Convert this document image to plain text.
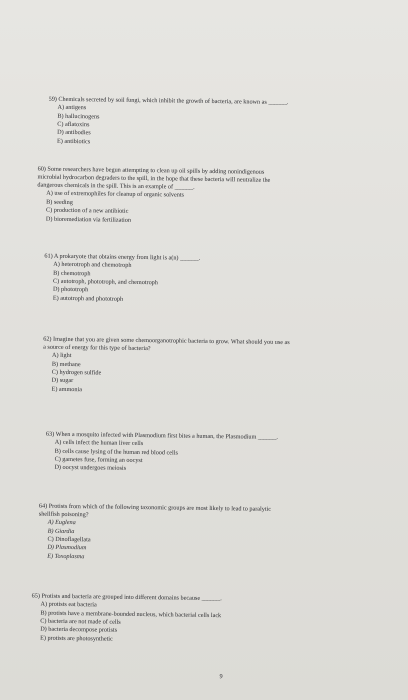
59) Chemicals secreted by soil fungi, which inhibit the growth of bacteria, are known as ______.

A) antigens

B) hallucinogens

C) aflatoxins

D) antibodies

E) antibiotics

60) Some researchers have begun attempting to clean up oil spills by adding nonindigenous

microbial hydrocarbon degraders to the spill, in the hope that these bacteria will neutralize the

dangerous chemicals in the spill. This is an example of ______.

A) use of extremophiles for cleanup of organic solvents

B) seeding

C) production of a new antibiotic

D) bioremediation via fertilization

61) A prokaryote that obtains energy from light is a(n) ______.

A) heterotroph and chemotroph

B) chemotroph

C) autotroph, phototroph, and chemotroph

D) phototroph

E) autotroph and phototroph

62) Imagine that you are given some chemoorganotrophic bacteria to grow. What should you use as

a source of energy for this type of bacteria?

A) light

B) methane

C) hydrogen sulfide

D) sugar

E) ammonia

63) When a mosquito infected with Plasmodium first bites a human, the Plasmodium ______.

A) cells infect the human liver cells

B) cells cause lysing of the human red blood cells

C) gametes fuse, forming an oocyst

D) oocyst undergoes meiosis

64) Protists from which of the following taxonomic groups are most likely to lead to paralytic

shellfish poisoning?

A) Euglena

B) Giardia

C) Dinoflagellata

D) Plasmodium

E) Toxoplasma

65) Protists and bacteria are grouped into different domains because ______.

A) protists eat bacteria

B) protists have a membrane-bounded nucleus, which bacterial cells lack

C) bacteria are not made of cells

D) bacteria decompose protists

E) protists are photosynthetic

9
